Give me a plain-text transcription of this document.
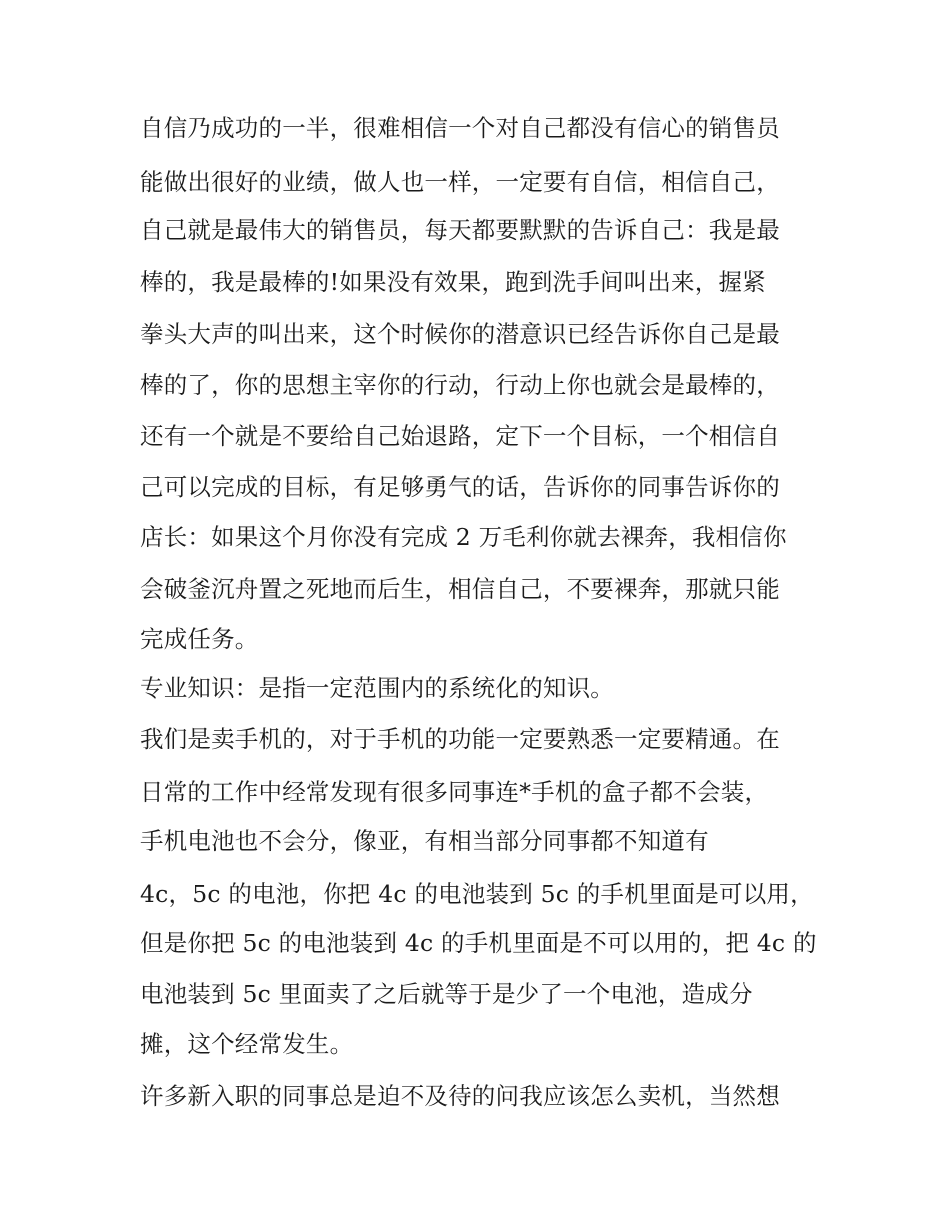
自信乃成功的一半，很难相信一个对自己都没有信心的销售员

能做出很好的业绩，做人也一样，一定要有自信，相信自己，

自己就是最伟大的销售员，每天都要默默的告诉自己：我是最

棒的，我是最棒的!如果没有效果，跑到洗手间叫出来，握紧

拳头大声的叫出来，这个时候你的潜意识已经告诉你自己是最

棒的了，你的思想主宰你的行动，行动上你也就会是最棒的，

还有一个就是不要给自己始退路，定下一个目标，一个相信自

己可以完成的目标，有足够勇气的话，告诉你的同事告诉你的

店长：如果这个月你没有完成 2 万毛利你就去裸奔，我相信你

会破釜沉舟置之死地而后生，相信自己，不要裸奔，那就只能

完成任务。

专业知识：是指一定范围内的系统化的知识。

我们是卖手机的，对于手机的功能一定要熟悉一定要精通。在

日常的工作中经常发现有很多同事连*手机的盒子都不会装，

手机电池也不会分，像亚，有相当部分同事都不知道有

4c，5c 的电池，你把 4c 的电池装到 5c 的手机里面是可以用，

但是你把 5c 的电池装到 4c 的手机里面是不可以用的，把 4c 的

电池装到 5c 里面卖了之后就等于是少了一个电池，造成分

摊，这个经常发生。

许多新入职的同事总是迫不及待的问我应该怎么卖机，当然想
